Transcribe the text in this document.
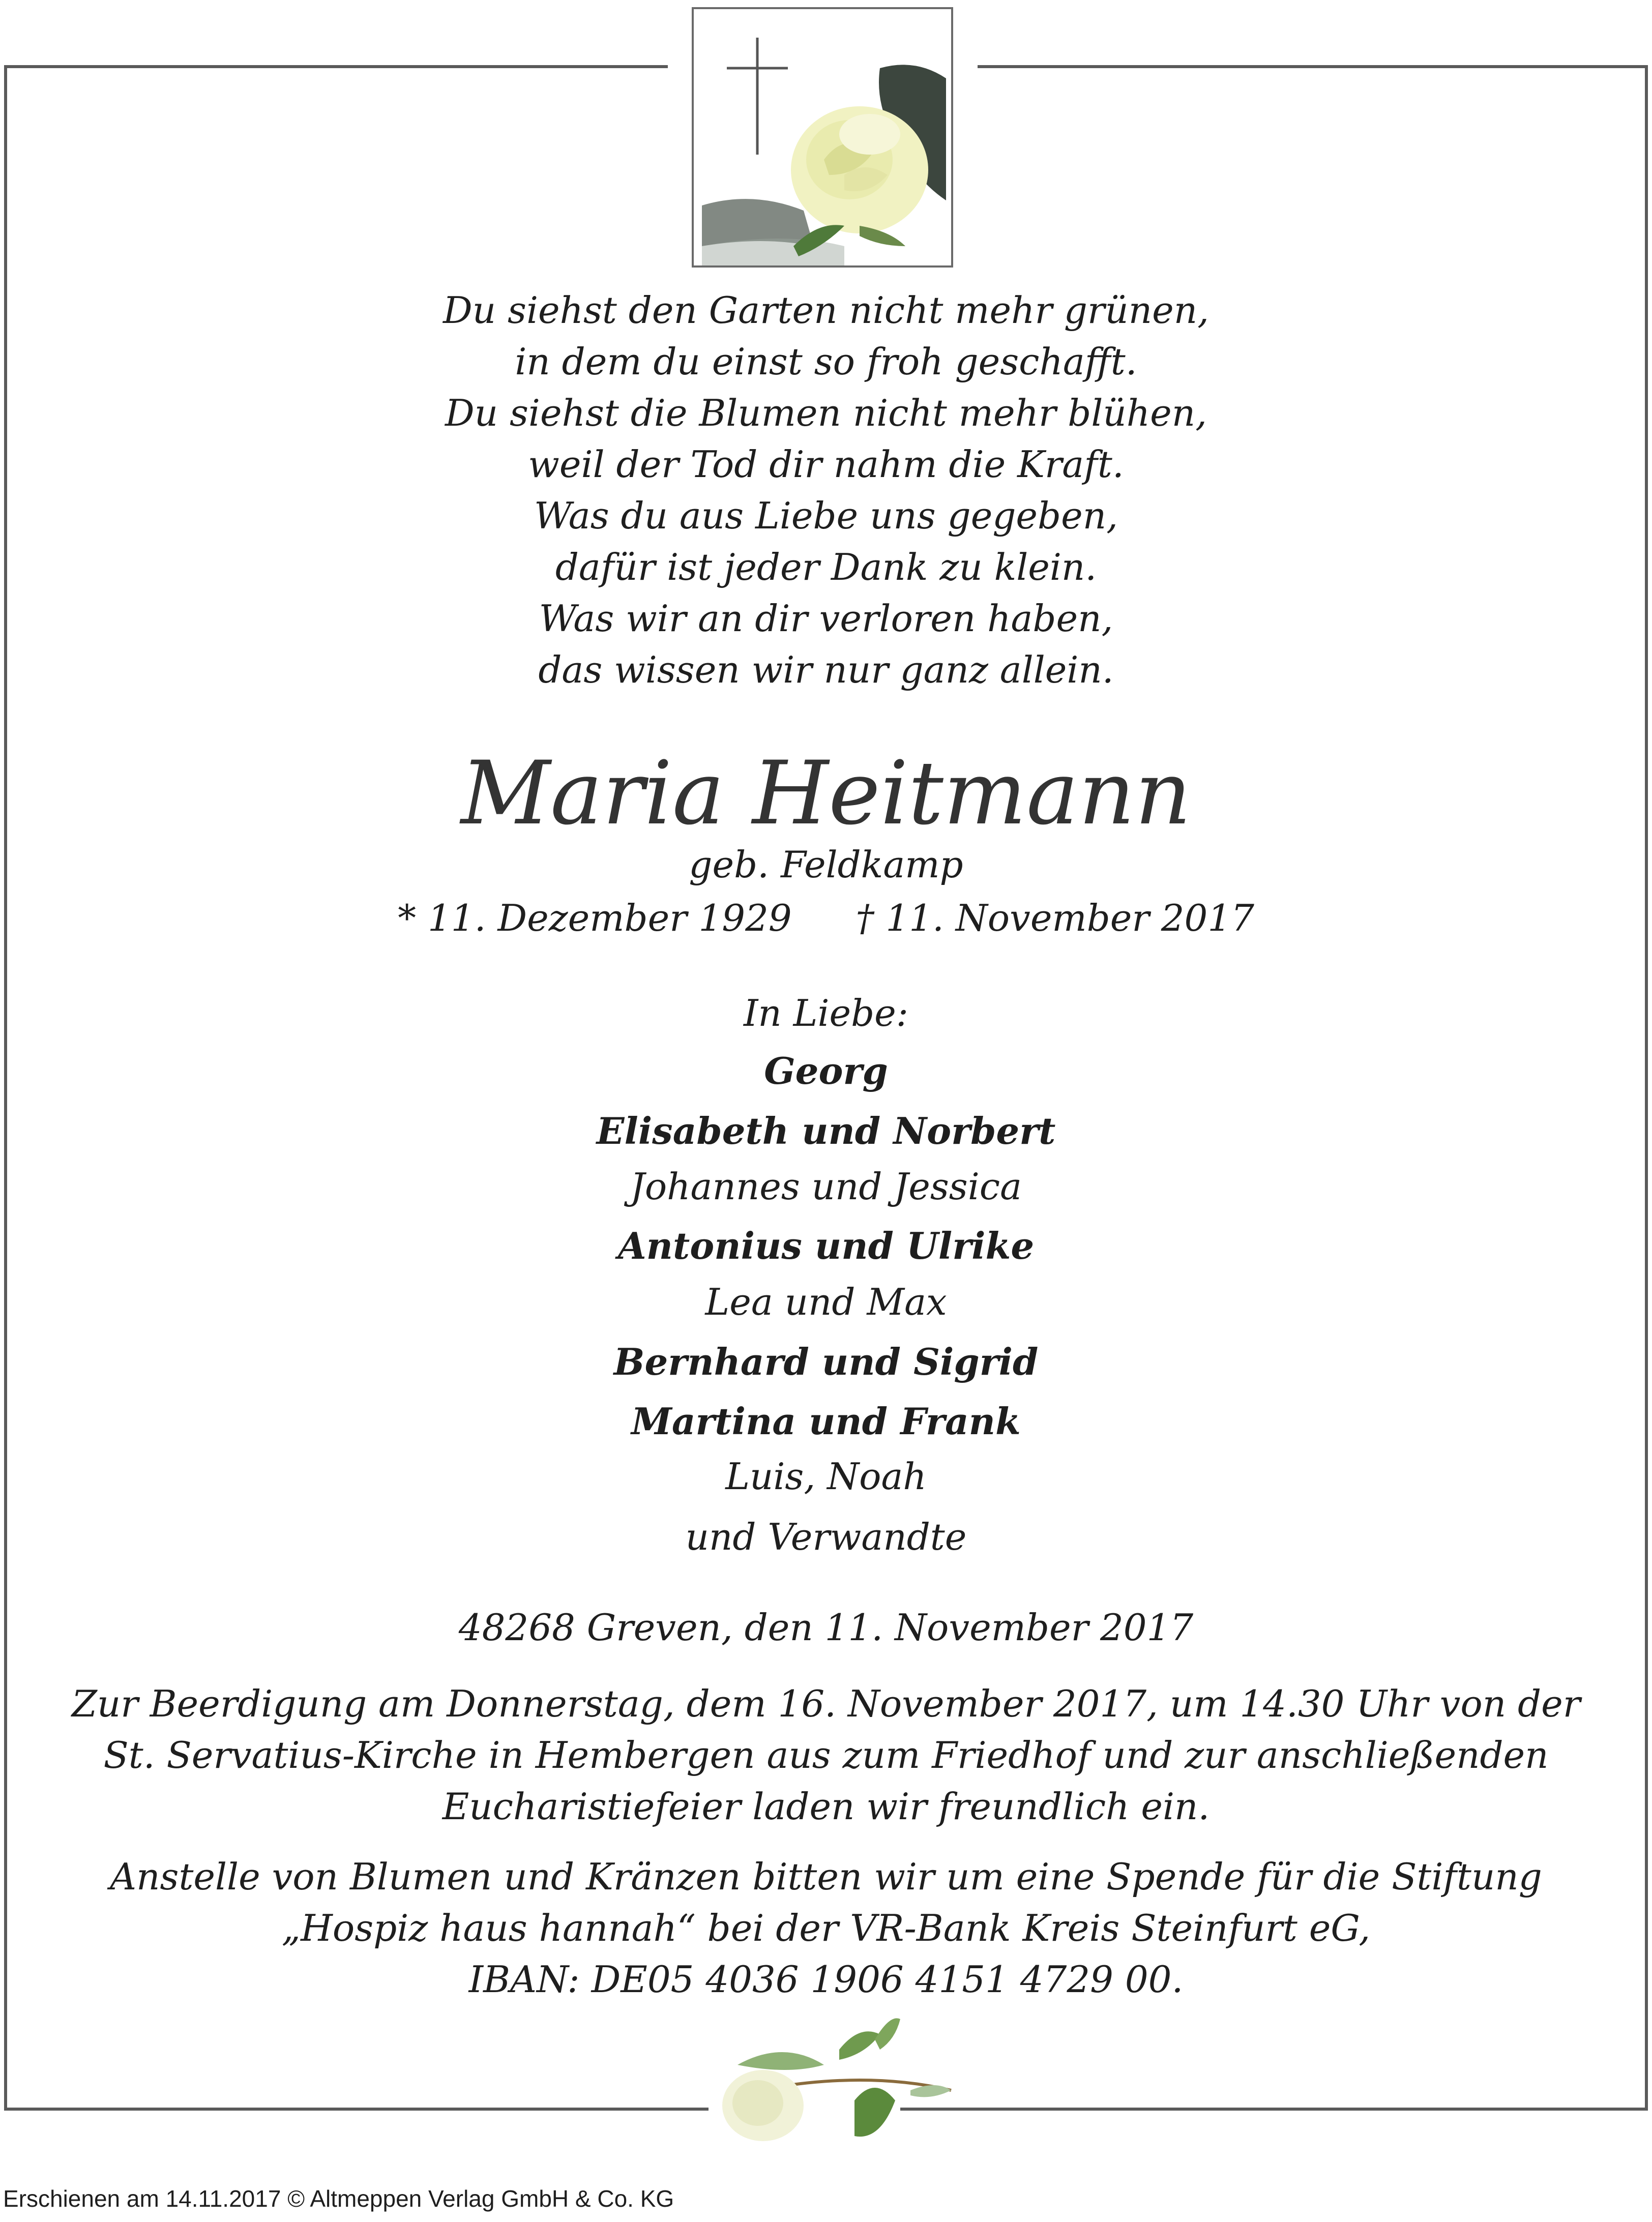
Du siehst den Garten nicht mehr grünen,
in dem du einst so froh geschafft.
Du siehst die Blumen nicht mehr blühen,
weil der Tod dir nahm die Kraft.
Was du aus Liebe uns gegeben,
dafür ist jeder Dank zu klein.
Was wir an dir verloren haben,
das wissen wir nur ganz allein.
Maria Heitmann
geb. Feldkamp
* 11. Dezember 1929 † 11. November 2017
In Liebe:
Georg
Elisabeth und Norbert
Johannes und Jessica
Antonius und Ulrike
Lea und Max
Bernhard und Sigrid
Martina und Frank
Luis, Noah
und Verwandte
48268 Greven, den 11. November 2017
Zur Beerdigung am Donnerstag, dem 16. November 2017, um 14.30 Uhr von der
St. Servatius-Kirche in Hembergen aus zum Friedhof und zur anschließenden
Eucharistiefeier laden wir freundlich ein.
Anstelle von Blumen und Kränzen bitten wir um eine Spende für die Stiftung
„Hospiz haus hannah“ bei der VR-Bank Kreis Steinfurt eG,
IBAN: DE05 4036 1906 4151 4729 00.
Erschienen am 14.11.2017 © Altmeppen Verlag GmbH & Co. KG
